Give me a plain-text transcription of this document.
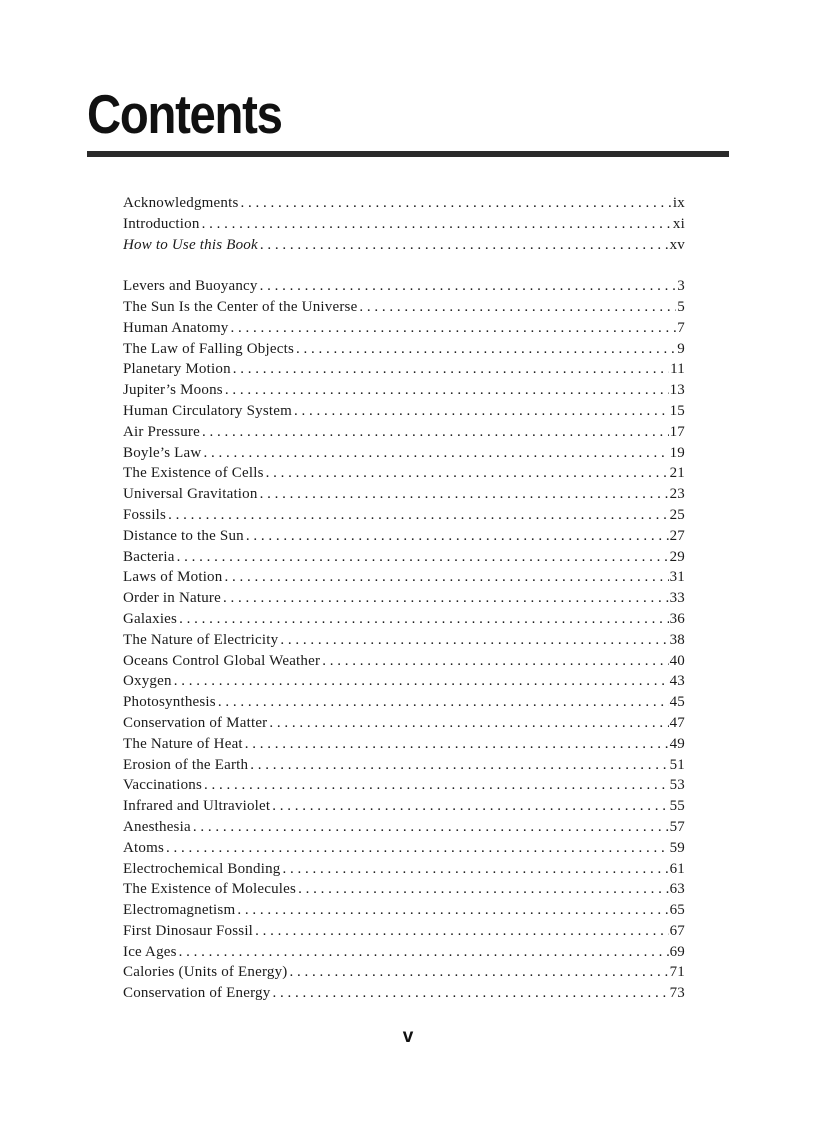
Contents
Acknowledgments . . .	ix
Introduction . . .	xi
How to Use this Book . . .	xv
Levers and Buoyancy . . .	3
The Sun Is the Center of the Universe . . .	5
Human Anatomy . . .	7
The Law of Falling Objects . . .	9
Planetary Motion . . .	11
Jupiter’s Moons . . .	13
Human Circulatory System . . .	15
Air Pressure . . .	17
Boyle’s Law . . .	19
The Existence of Cells . . .	21
Universal Gravitation . . .	23
Fossils . . .	25
Distance to the Sun . . .	27
Bacteria . . .	29
Laws of Motion . . .	31
Order in Nature . . .	33
Galaxies . . .	36
The Nature of Electricity . . .	38
Oceans Control Global Weather . . .	40
Oxygen . . .	43
Photosynthesis . . .	45
Conservation of Matter . . .	47
The Nature of Heat . . .	49
Erosion of the Earth . . .	51
Vaccinations . . .	53
Infrared and Ultraviolet . . .	55
Anesthesia . . .	57
Atoms . . .	59
Electrochemical Bonding . . .	61
The Existence of Molecules . . .	63
Electromagnetism . . .	65
First Dinosaur Fossil . . .	67
Ice Ages . . .	69
Calories (Units of Energy) . . .	71
Conservation of Energy . . .	73
v
